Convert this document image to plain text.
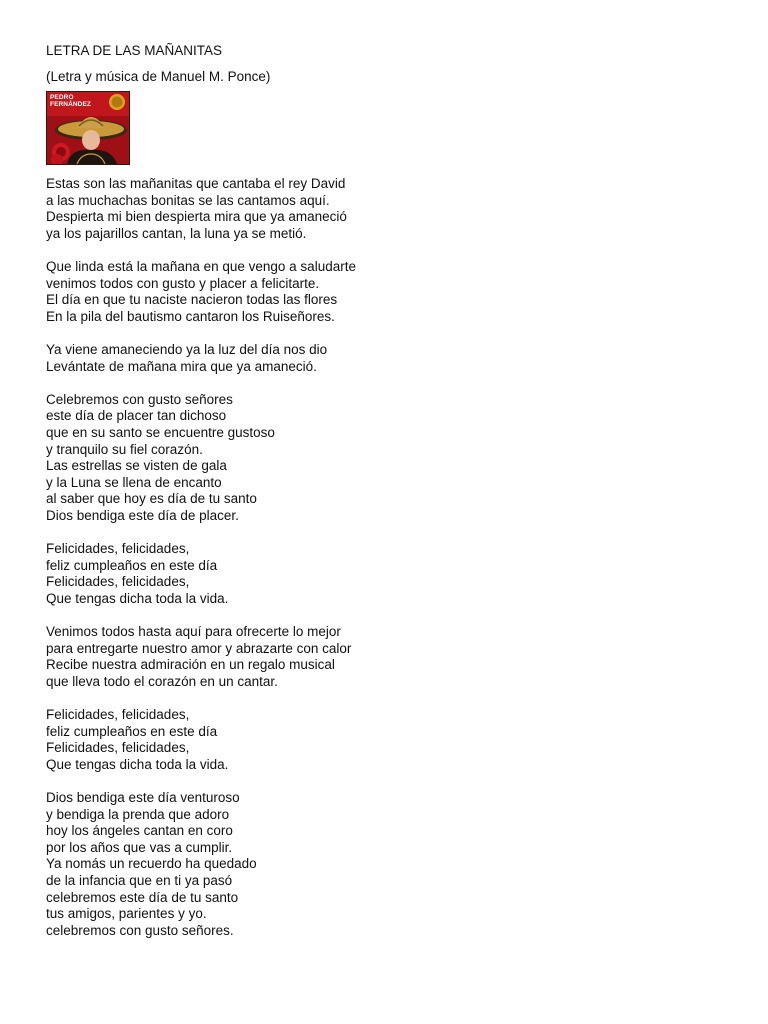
LETRA DE LAS MAÑANITAS

(Letra y música de Manuel M. Ponce)

PEDRO FERNÁNDEZ
Estas son las mañanitas que cantaba el rey David
a las muchachas bonitas se las cantamos aquí.
Despierta mi bien despierta mira que ya amaneció
ya los pajarillos cantan, la luna ya se metió.
Que linda está la mañana en que vengo a saludarte
venimos todos con gusto y placer a felicitarte.
El día en que tu naciste nacieron todas las flores
En la pila del bautismo cantaron los Ruiseñores.
Ya viene amaneciendo ya la luz del día nos dio
Levántate de mañana mira que ya amaneció.
Celebremos con gusto señores
este día de placer tan dichoso
que en su santo se encuentre gustoso
y tranquilo su fiel corazón.
Las estrellas se visten de gala
y la Luna se llena de encanto
al saber que hoy es día de tu santo
Dios bendiga este día de placer.
Felicidades, felicidades,
feliz cumpleaños en este día
Felicidades, felicidades,
Que tengas dicha toda la vida.
Venimos todos hasta aquí para ofrecerte lo mejor
para entregarte nuestro amor y abrazarte con calor
Recibe nuestra admiración en un regalo musical
que lleva todo el corazón en un cantar.
Felicidades, felicidades,
feliz cumpleaños en este día
Felicidades, felicidades,
Que tengas dicha toda la vida.
Dios bendiga este día venturoso
y bendiga la prenda que adoro
hoy los ángeles cantan en coro
por los años que vas a cumplir.
Ya nomás un recuerdo ha quedado
de la infancia que en ti ya pasó
celebremos este día de tu santo
tus amigos, parientes y yo.
celebremos con gusto señores.
